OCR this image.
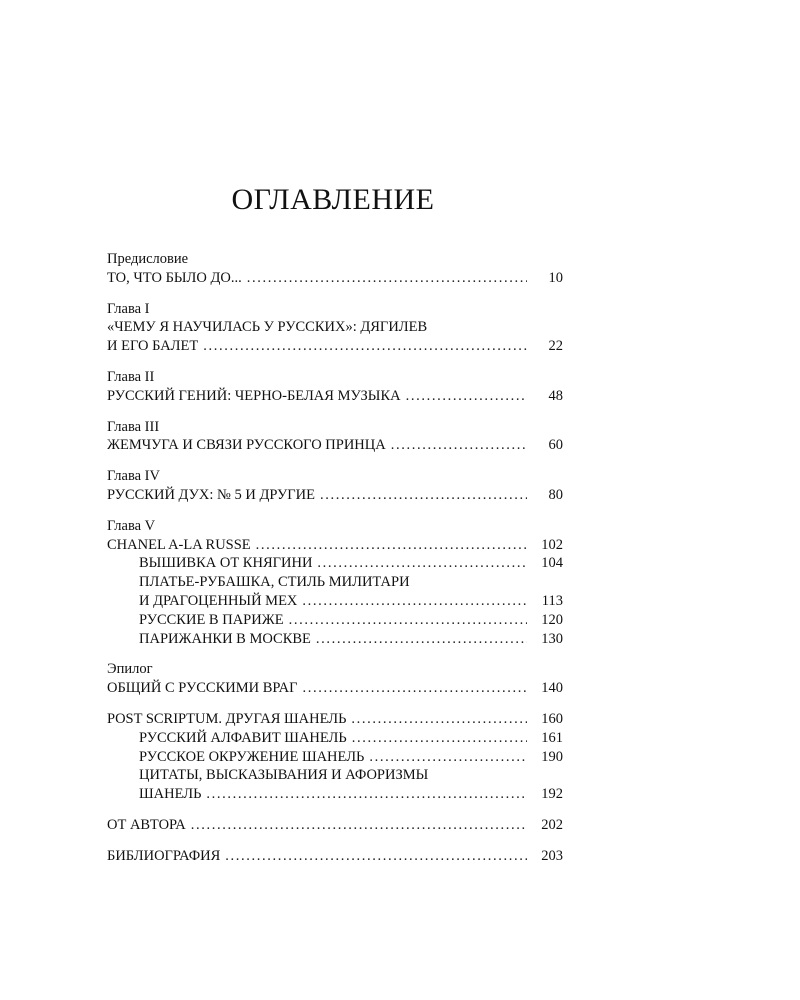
ОГЛАВЛЕНИЕ
Предисловие
ТО, ЧТО БЫЛО ДО... . . .	10
Глава I
«ЧЕМУ Я НАУЧИЛАСЬ У РУССКИХ»: ДЯГИЛЕВ
И ЕГО БАЛЕТ . . .	22
Глава II
РУССКИЙ ГЕНИЙ: ЧЕРНО-БЕЛАЯ МУЗЫКА . . .	48
Глава III
ЖЕМЧУГА И СВЯЗИ РУССКОГО ПРИНЦА . . .	60
Глава IV
РУССКИЙ ДУХ: № 5 И ДРУГИЕ . . .	80
Глава V
CHANEL A-LA RUSSE . . .	102
ВЫШИВКА ОТ КНЯГИНИ . . .	104
ПЛАТЬЕ-РУБАШКА, СТИЛЬ МИЛИТАРИ
И ДРАГОЦЕННЫЙ МЕХ . . .	113
РУССКИЕ В ПАРИЖЕ . . .	120
ПАРИЖАНКИ В МОСКВЕ . . .	130
Эпилог
ОБЩИЙ С РУССКИМИ ВРАГ . . .	140
POST SCRIPTUM. ДРУГАЯ ШАНЕЛЬ . . .	160
РУССКИЙ АЛФАВИТ ШАНЕЛЬ . . .	161
РУССКОЕ ОКРУЖЕНИЕ ШАНЕЛЬ . . .	190
ЦИТАТЫ, ВЫСКАЗЫВАНИЯ И АФОРИЗМЫ
ШАНЕЛЬ . . .	192
ОТ АВТОРА . . .	202
БИБЛИОГРАФИЯ . . .	203
